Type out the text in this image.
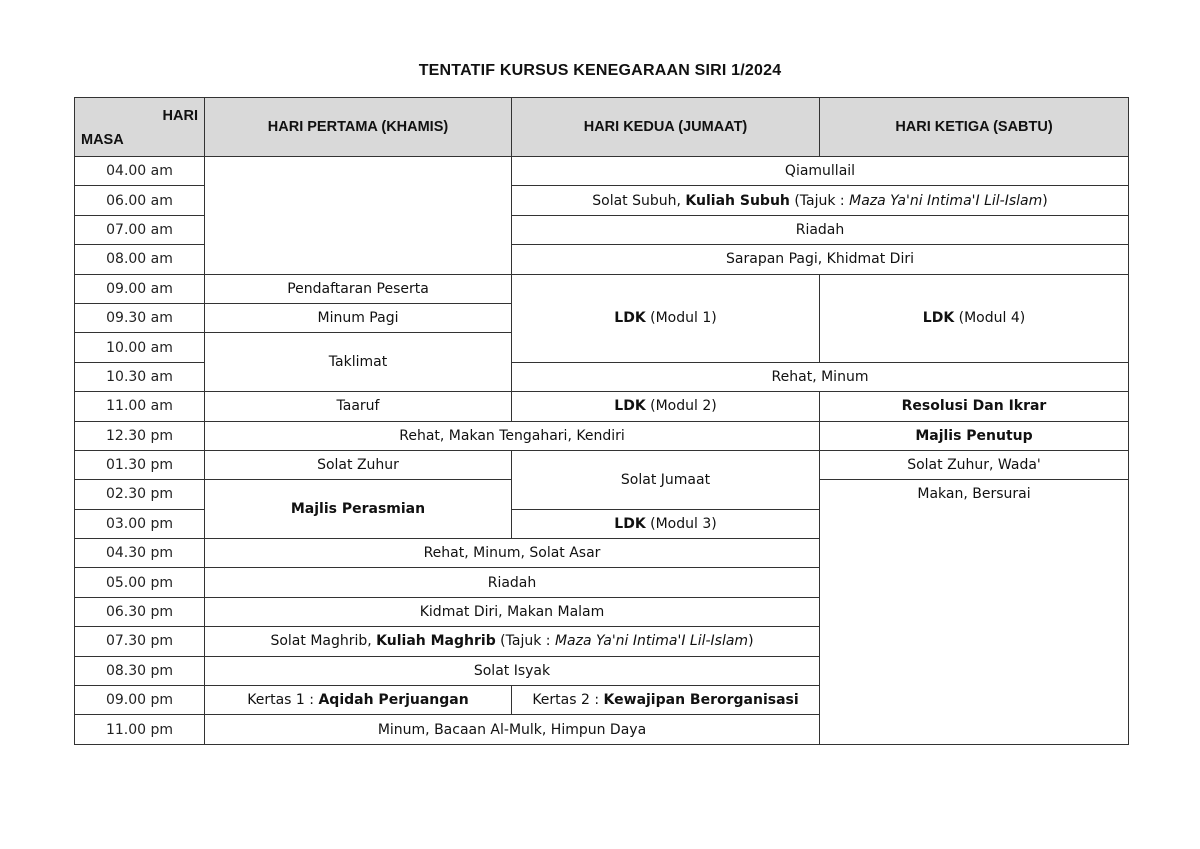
TENTATIF KURSUS KENEGARAAN SIRI 1/2024
HARI
MASA	HARI PERTAMA (KHAMIS)	HARI KEDUA (JUMAAT)	HARI KETIGA (SABTU)
04.00 am		Qiamullail	
06.00 am		Solat Subuh, Kuliah Subuh (Tajuk : Maza Ya'ni Intima'I Lil-Islam)	
07.00 am		Riadah	
08.00 am		Sarapan Pagi, Khidmat Diri	
09.00 am	Pendaftaran Peserta	LDK (Modul 1)	LDK (Modul 4)
09.30 am	Minum Pagi		
10.00 am	Taklimat		
10.30 am		Rehat, Minum	
11.00 am	Taaruf	LDK (Modul 2)	Resolusi Dan Ikrar
12.30 pm	Rehat, Makan Tengahari, Kendiri		Majlis Penutup
01.30 pm	Solat Zuhur	Solat Jumaat	Solat Zuhur, Wada'
02.30 pm	Majlis Perasmian		Makan, Bersurai
03.00 pm		LDK (Modul 3)	
04.30 pm	Rehat, Minum, Solat Asar		
05.00 pm	Riadah		
06.30 pm	Kidmat Diri, Makan Malam		
07.30 pm	Solat Maghrib, Kuliah Maghrib (Tajuk : Maza Ya'ni Intima'I Lil-Islam)		
08.30 pm	Solat Isyak		
09.00 pm	Kertas 1 : Aqidah Perjuangan	Kertas 2 : Kewajipan Berorganisasi	
11.00 pm	Minum, Bacaan Al-Mulk, Himpun Daya		
